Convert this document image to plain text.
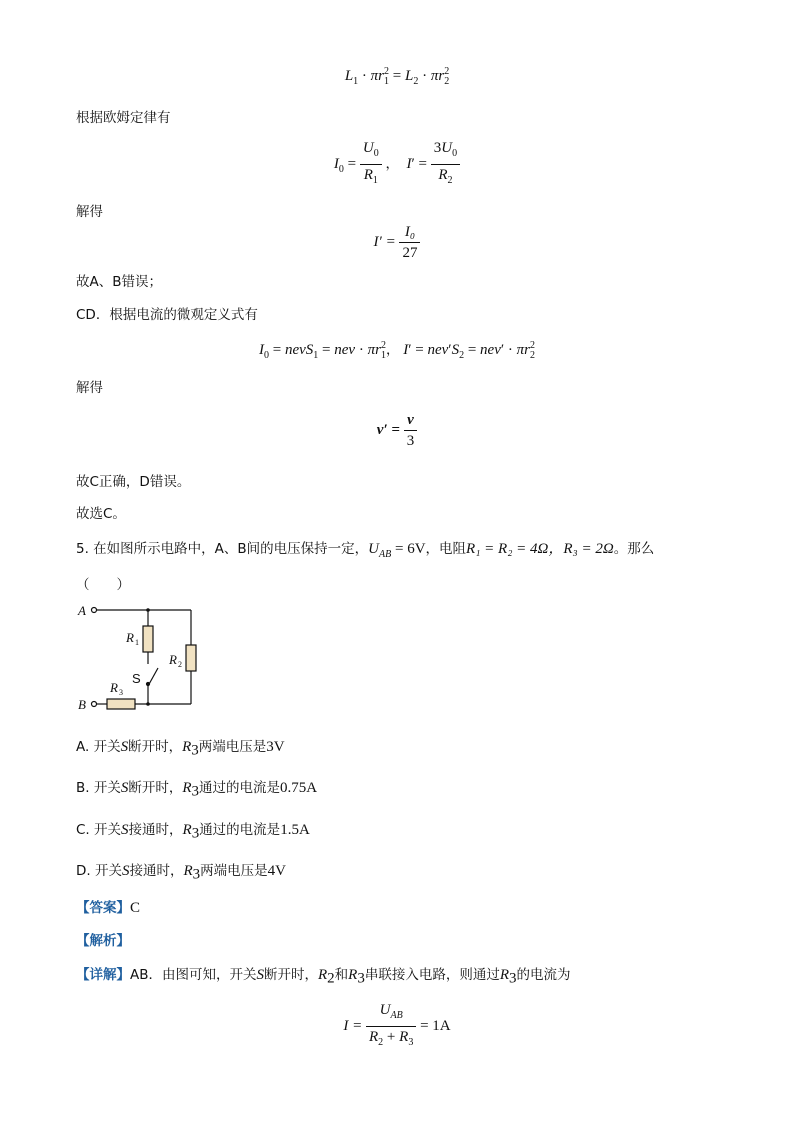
$L_1 \cdot \pi r_1^2 = L_2 \cdot \pi r_2^2$
根据欧姆定律有
$I_0 = \frac{U_0}{R_1}$ ， $I' = \frac{3U_0}{R_2}$
解得
$I' = \frac{\text{I₀}}{27}$
故A、B错误；
CD．根据电流的微观定义式有
$I_0$ = nevS$_1$ = nev · $\pi r_1^2$， $I' = nev'S_2 = nev' \cdot \pi r_2^2$
解得
$v' = \frac{v}{3}$
故C正确，D错误。
故选C。
5. 在如图所示电路中，A、B间的电压保持一定，$U_{AB} = 6V$，电阻R₁ = R₂ = 4Ω，R₃ = 2Ω。那么
（　　）
A
B
R
R
R
1
2
3
S
A. 开关S断开时，$R_3$两端电压是3V
B. 开关S断开时，$R_3$通过的电流是0.75A
C. 开关S接通时，$R_3$通过的电流是1.5A
D. 开关S接通时，$R_3$两端电压是4V
【答案】C
【解析】
【详解】AB．由图可知，开关S断开时，$R_2$和$R_3$串联接入电路，则通过$R_3$的电流为
$I = \frac{U_{AB}}{R_2 + R_3} = 1A$
